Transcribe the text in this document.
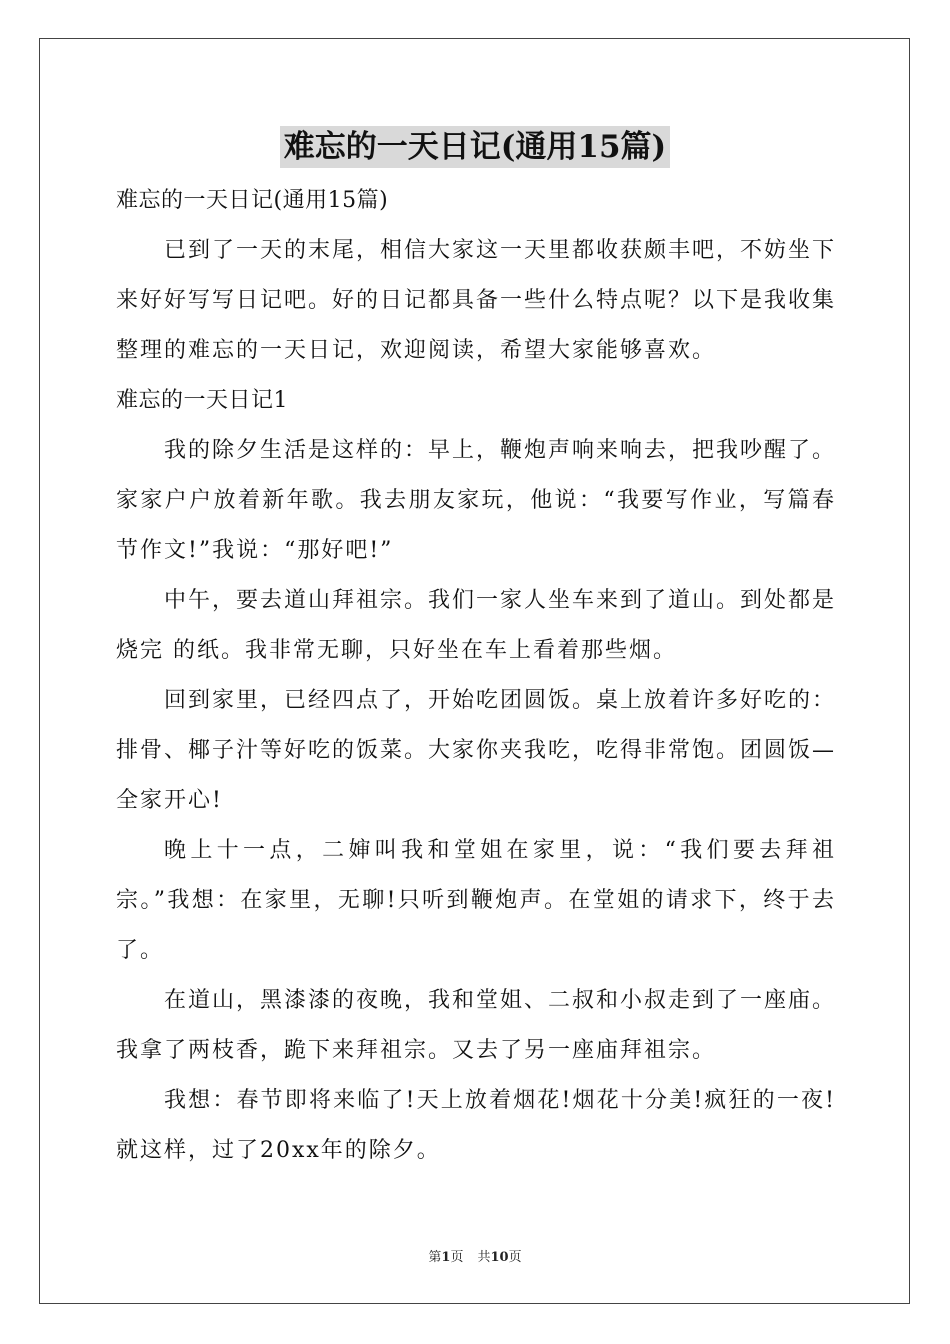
难忘的一天日记(通用15篇)

难忘的一天日记(通用15篇)

已到了一天的末尾，相信大家这一天里都收获颇丰吧，不妨坐下来好好写写日记吧。好的日记都具备一些什么特点呢？以下是我收集整理的难忘的一天日记，欢迎阅读，希望大家能够喜欢。

难忘的一天日记1

我的除夕生活是这样的：早上，鞭炮声响来响去，把我吵醒了。家家户户放着新年歌。我去朋友家玩，他说：“我要写作业，写篇春节作文!”我说：“那好吧!”

中午，要去道山拜祖宗。我们一家人坐车来到了道山。到处都是烧完 的纸。我非常无聊，只好坐在车上看着那些烟。

回到家里，已经四点了，开始吃团圆饭。桌上放着许多好吃的：排骨、椰子汁等好吃的饭菜。大家你夹我吃，吃得非常饱。团圆饭—全家开心!

晚上十一点，二婶叫我和堂姐在家里，说：“我们要去拜祖宗。”我想：在家里，无聊!只听到鞭炮声。在堂姐的请求下，终于去了。

在道山，黑漆漆的夜晚，我和堂姐、二叔和小叔走到了一座庙。我拿了两枝香，跪下来拜祖宗。又去了另一座庙拜祖宗。

我想：春节即将来临了!天上放着烟花!烟花十分美!疯狂的一夜!就这样，过了20xx年的除夕。

第1页 共10页
